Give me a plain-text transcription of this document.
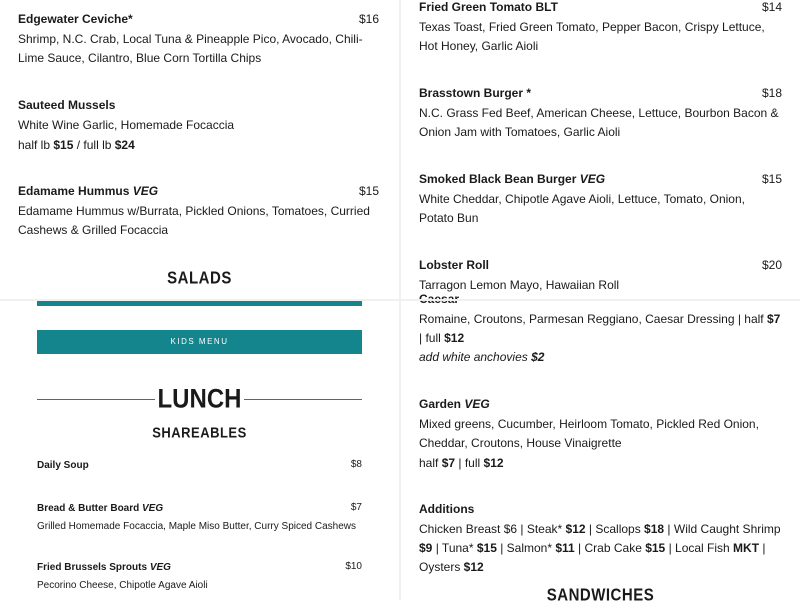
Edgewater Ceviche*	$16
Shrimp, N.C. Crab, Local Tuna & Pineapple Pico, Avocado, Chili-Lime Sauce, Cilantro, Blue Corn Tortilla Chips
Sauteed Mussels
White Wine Garlic, Homemade Focaccia
half lb $15 / full lb $24
Edamame Hummus VEG	$15
Edamame Hummus w/Burrata, Pickled Onions, Tomatoes, Curried Cashews & Grilled Focaccia
SALADS
Fried Green Tomato BLT	$14
Texas Toast, Fried Green Tomato, Pepper Bacon, Crispy Lettuce, Hot Honey, Garlic Aioli
Brasstown Burger *	$18
N.C. Grass Fed Beef, American Cheese, Lettuce, Bourbon Bacon & Onion Jam with Tomatoes, Garlic Aioli
Smoked Black Bean Burger VEG	$15
White Cheddar, Chipotle Agave Aioli, Lettuce, Tomato, Onion, Potato Bun
Lobster Roll	$20
Tarragon Lemon Mayo, Hawaiian Roll
KIDS MENU
LUNCH
SHAREABLES
Daily Soup	$8
Bread & Butter Board VEG	$7
Grilled Homemade Focaccia, Maple Miso Butter, Curry Spiced Cashews
Fried Brussels Sprouts VEG	$10
Pecorino Cheese, Chipotle Agave Aioli
Romaine, Croutons, Parmesan Reggiano, Caesar Dressing | half $7 | full $12
add white anchovies $2
Garden VEG
Mixed greens, Cucumber, Heirloom Tomato, Pickled Red Onion, Cheddar, Croutons, House Vinaigrette
half $7 | full $12
Additions
Chicken Breast $6 | Steak* $12 | Scallops $18 | Wild Caught Shrimp $9 | Tuna* $15 | Salmon* $11 | Crab Cake $15 | Local Fish MKT | Oysters $12
SANDWICHES
